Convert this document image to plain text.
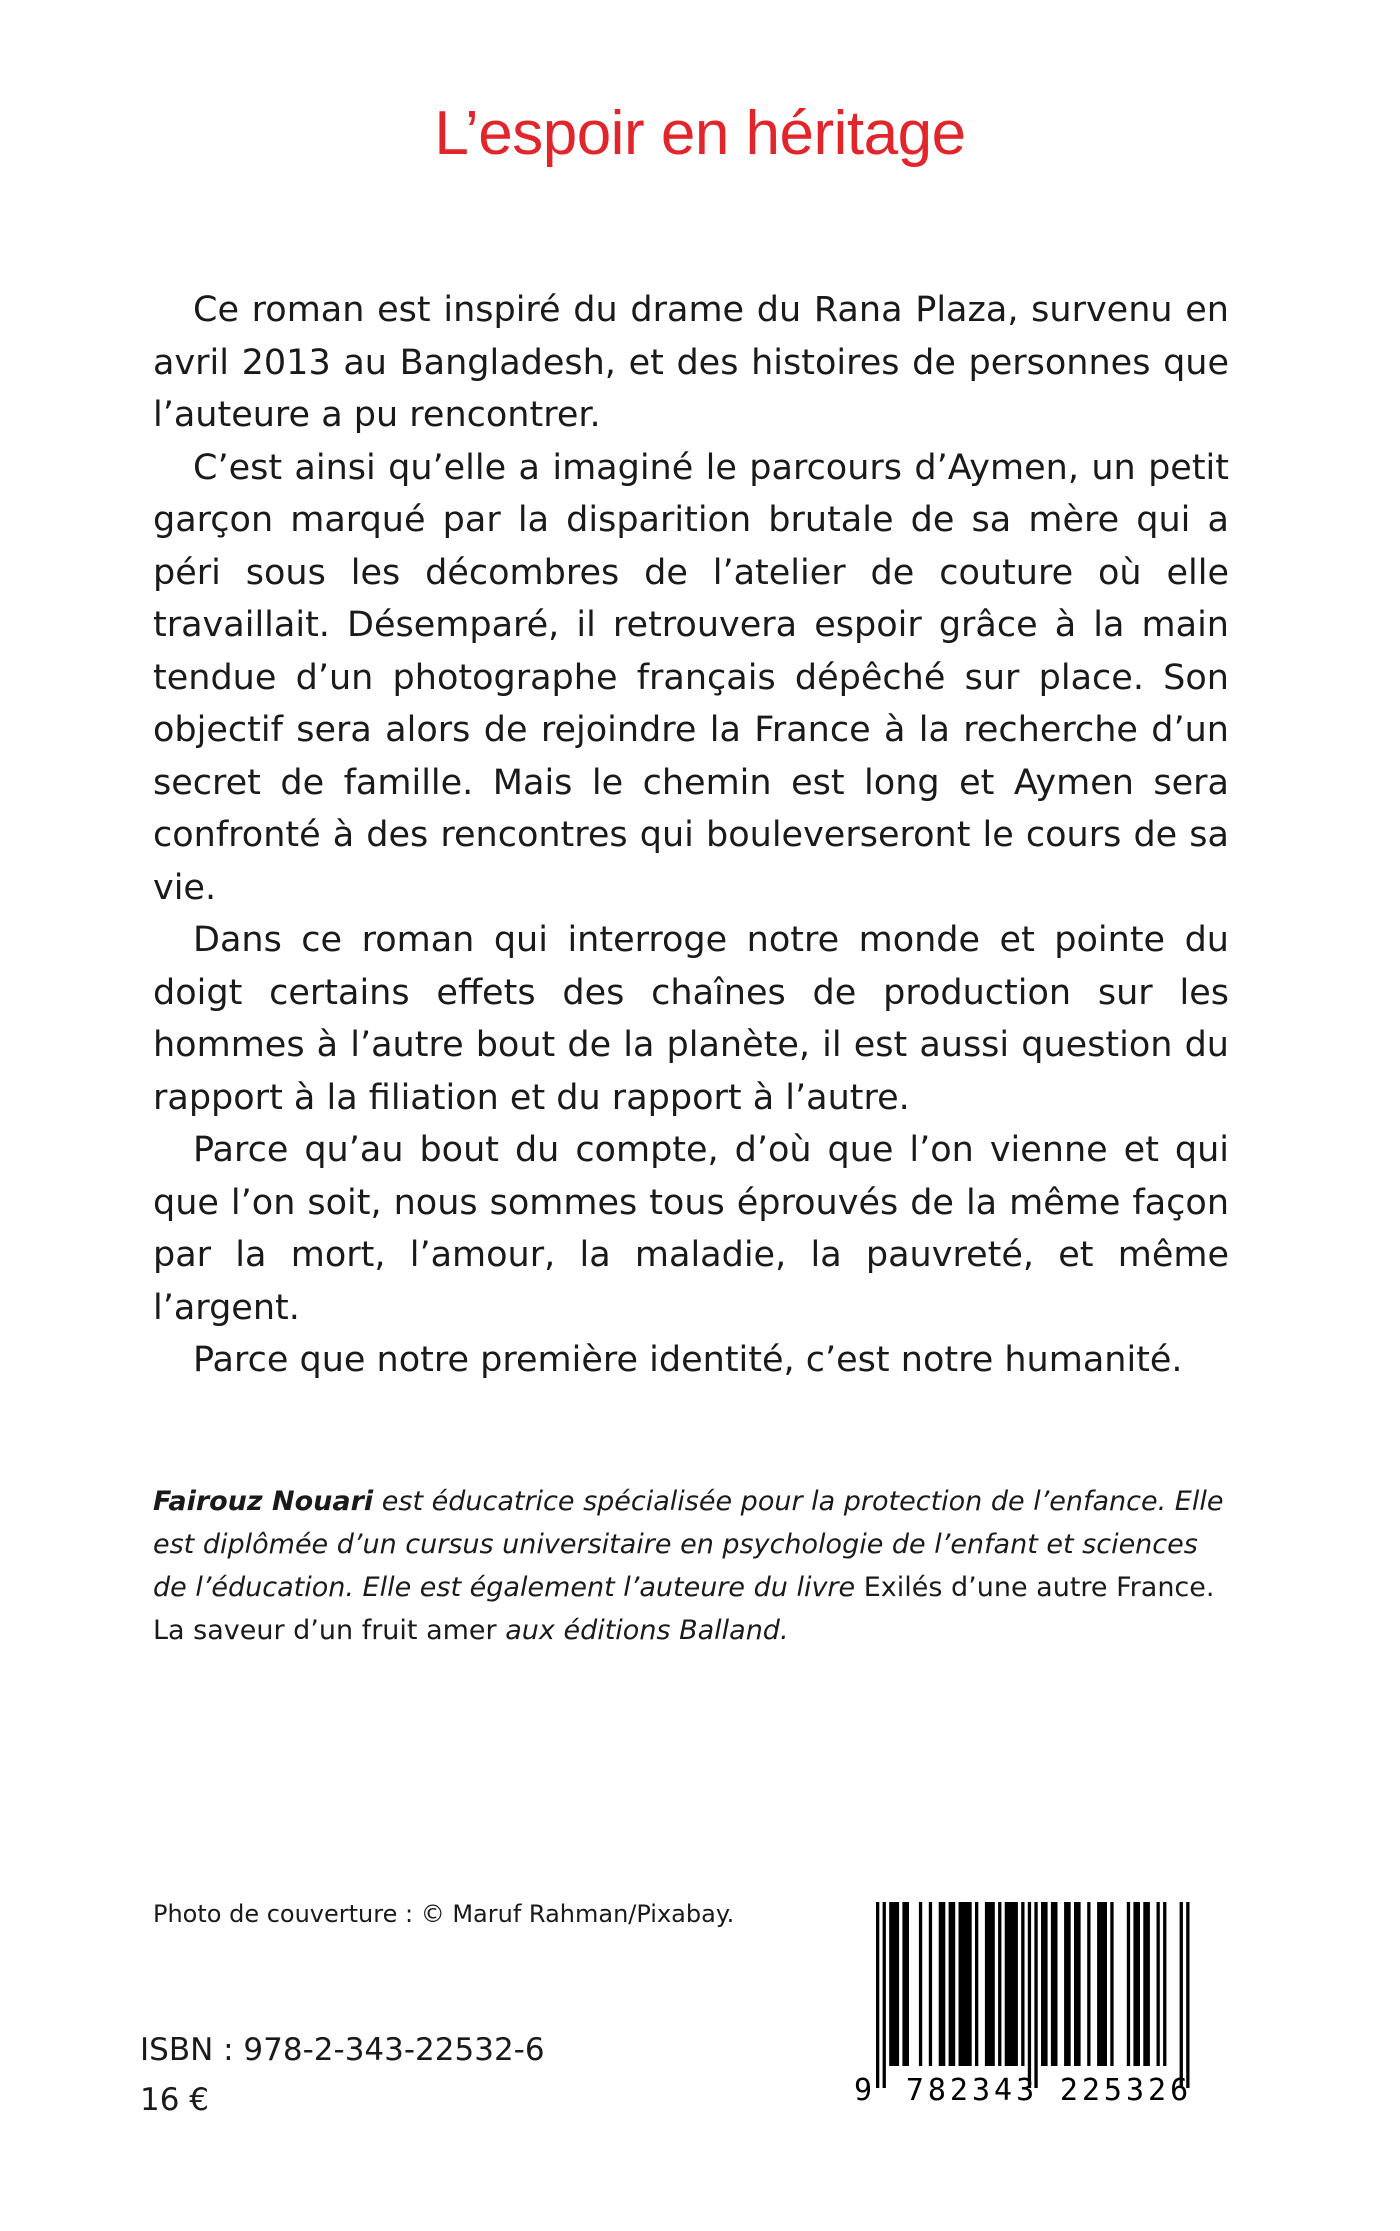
L’espoir en héritage

Ce roman est inspiré du drame du Rana Plaza, survenu en avril 2013 au Bangladesh, et des histoires de personnes que l’auteure a pu rencontrer.

C’est ainsi qu’elle a imaginé le parcours d’Aymen, un petit garçon marqué par la disparition brutale de sa mère qui a péri sous les décombres de l’atelier de couture où elle travaillait. Désemparé, il retrouvera espoir grâce à la main tendue d’un photographe français dépêché sur place. Son objectif sera alors de rejoindre la France à la recherche d’un secret de famille. Mais le chemin est long et Aymen sera confronté à des rencontres qui bouleverseront le cours de sa vie.

Dans ce roman qui interroge notre monde et pointe du doigt certains effets des chaînes de production sur les hommes à l’autre bout de la planète, il est aussi question du rapport à la filiation et du rapport à l’autre.

Parce qu’au bout du compte, d’où que l’on vienne et qui que l’on soit, nous sommes tous éprouvés de la même façon par la mort, l’amour, la maladie, la pauvreté, et même l’argent.

Parce que notre première identité, c’est notre humanité.

Fairouz Nouari est éducatrice spécialisée pour la protection de l’enfance. Elle est diplômée d’un cursus universitaire en psychologie de l’enfant et sciences de l’éducation. Elle est également l’auteure du livre Exilés d’une autre France. La saveur d’un fruit amer aux éditions Balland.
Photo de couverture : © Maruf Rahman/Pixabay.
ISBN : 978-2-343-22532-6
16 €	9 782343 225326
